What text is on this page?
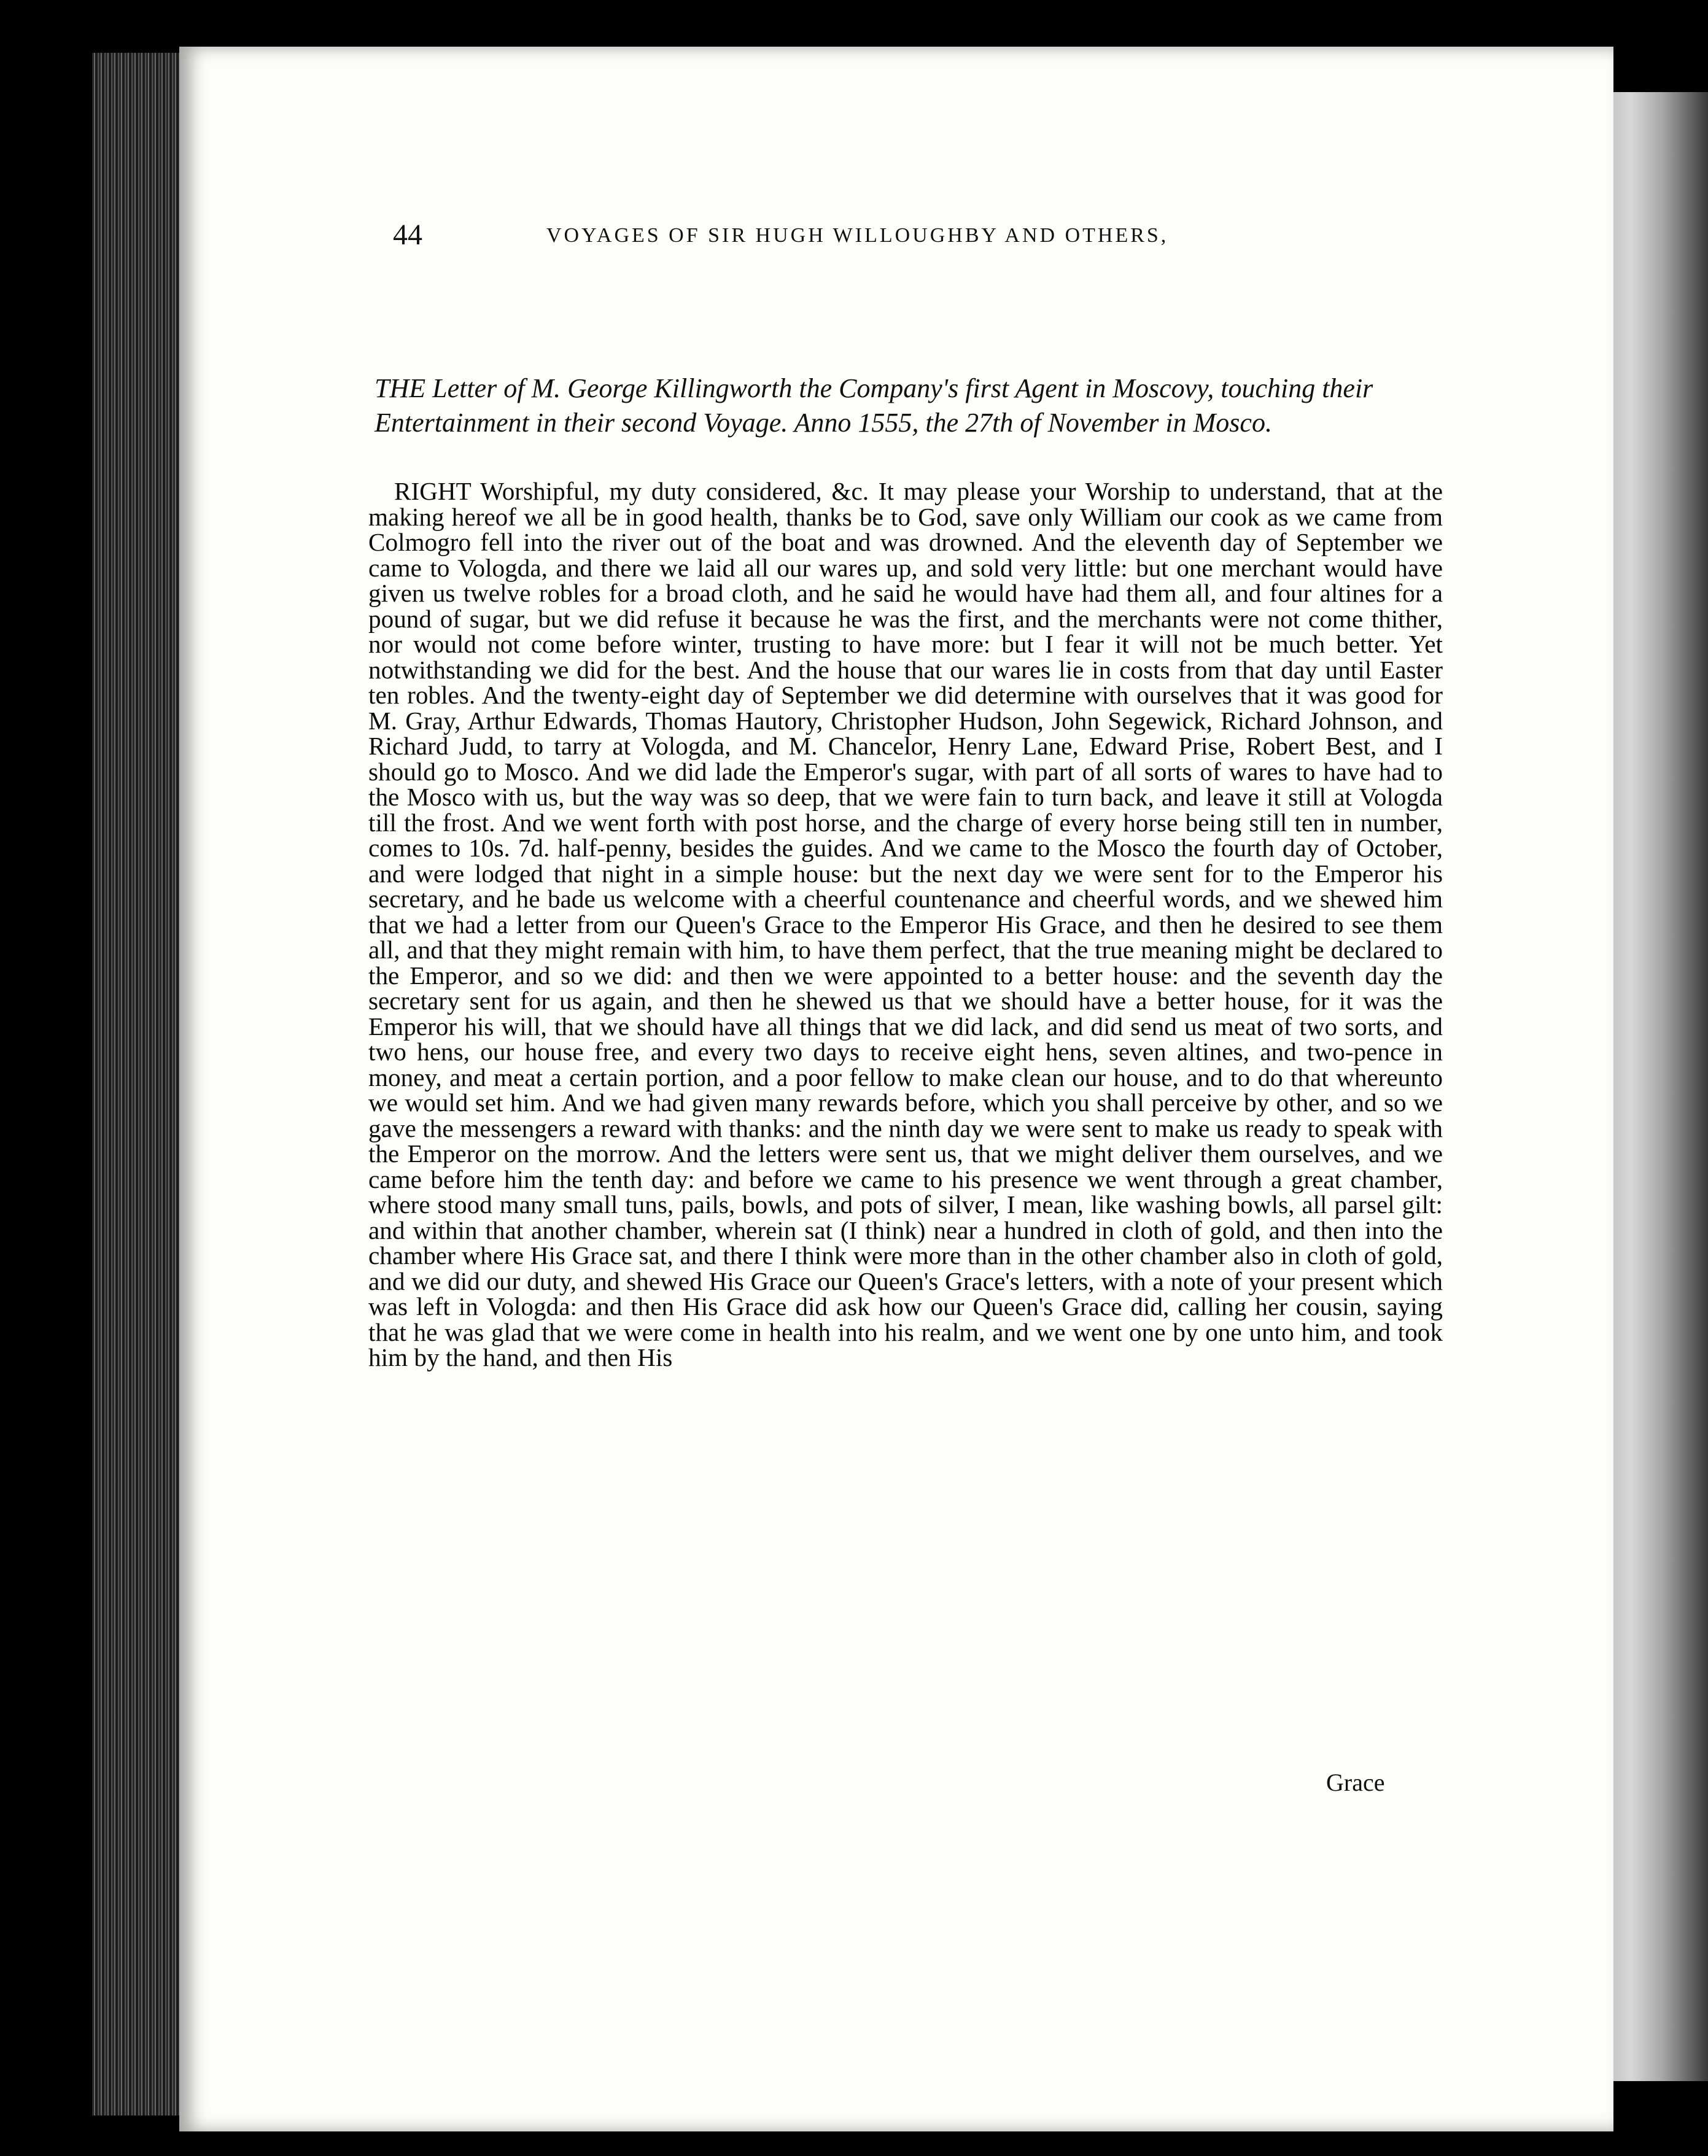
44	VOYAGES OF SIR HUGH WILLOUGHBY AND OTHERS,
THE Letter of M. George Killingworth the Company's first Agent in Moscovy, touching their Entertainment in their second Voyage. Anno 1555, the 27th of November in Mosco.
RIGHT Worshipful, my duty considered, &c. It may please your Worship to understand, that at the making hereof we all be in good health, thanks be to God, save only William our cook as we came from Colmogro fell into the river out of the boat and was drowned. And the eleventh day of September we came to Vologda, and there we laid all our wares up, and sold very little: but one merchant would have given us twelve robles for a broad cloth, and he said he would have had them all, and four altines for a pound of sugar, but we did refuse it because he was the first, and the merchants were not come thither, nor would not come before winter, trusting to have more: but I fear it will not be much better. Yet notwithstanding we did for the best. And the house that our wares lie in costs from that day until Easter ten robles. And the twenty-eight day of September we did determine with ourselves that it was good for M. Gray, Arthur Edwards, Thomas Hautory, Christopher Hudson, John Segewick, Richard Johnson, and Richard Judd, to tarry at Vologda, and M. Chancelor, Henry Lane, Edward Prise, Robert Best, and I should go to Mosco. And we did lade the Emperor's sugar, with part of all sorts of wares to have had to the Mosco with us, but the way was so deep, that we were fain to turn back, and leave it still at Vologda till the frost. And we went forth with post horse, and the charge of every horse being still ten in number, comes to 10s. 7d. half-penny, besides the guides. And we came to the Mosco the fourth day of October, and were lodged that night in a simple house: but the next day we were sent for to the Emperor his secretary, and he bade us welcome with a cheerful countenance and cheerful words, and we shewed him that we had a letter from our Queen's Grace to the Emperor His Grace, and then he desired to see them all, and that they might remain with him, to have them perfect, that the true meaning might be declared to the Emperor, and so we did: and then we were appointed to a better house: and the seventh day the secretary sent for us again, and then he shewed us that we should have a better house, for it was the Emperor his will, that we should have all things that we did lack, and did send us meat of two sorts, and two hens, our house free, and every two days to receive eight hens, seven altines, and two-pence in money, and meat a certain portion, and a poor fellow to make clean our house, and to do that whereunto we would set him. And we had given many rewards before, which you shall perceive by other, and so we gave the messengers a reward with thanks: and the ninth day we were sent to make us ready to speak with the Emperor on the morrow. And the letters were sent us, that we might deliver them ourselves, and we came before him the tenth day: and before we came to his presence we went through a great chamber, where stood many small tuns, pails, bowls, and pots of silver, I mean, like washing bowls, all parsel gilt: and within that another chamber, wherein sat (I think) near a hundred in cloth of gold, and then into the chamber where His Grace sat, and there I think were more than in the other chamber also in cloth of gold, and we did our duty, and shewed His Grace our Queen's Grace's letters, with a note of your present which was left in Vologda: and then His Grace did ask how our Queen's Grace did, calling her cousin, saying that he was glad that we were come in health into his realm, and we went one by one unto him, and took him by the hand, and then His
Grace
